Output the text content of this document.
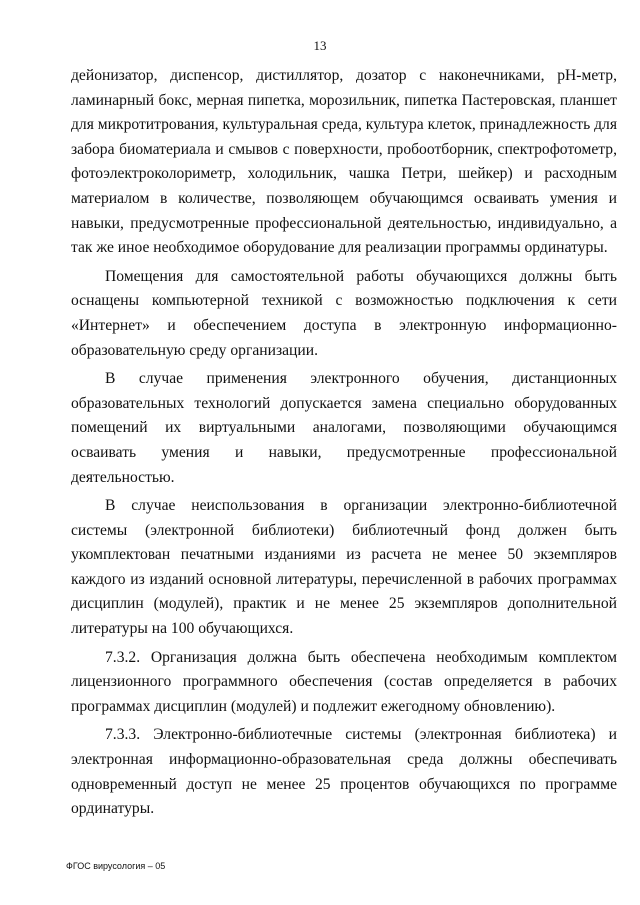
13

дейонизатор, диспенсор, дистиллятор, дозатор с наконечниками, pH-метр, ламинарный бокс, мерная пипетка, морозильник, пипетка Пастеровская, планшет для микротитрования, культуральная среда, культура клеток, принадлежность для забора биоматериала и смывов с поверхности, пробоотборник, спектрофотометр, фотоэлектроколориметр, холодильник, чашка Петри, шейкер) и расходным материалом в количестве, позволяющем обучающимся осваивать умения и навыки, предусмотренные профессиональной деятельностью, индивидуально, а так же иное необходимое оборудование для реализации программы ординатуры.

Помещения для самостоятельной работы обучающихся должны быть оснащены компьютерной техникой с возможностью подключения к сети «Интернет» и обеспечением доступа в электронную информационно-образовательную среду организации.

В случае применения электронного обучения, дистанционных образовательных технологий допускается замена специально оборудованных помещений их виртуальными аналогами, позволяющими обучающимся осваивать умения и навыки, предусмотренные профессиональной деятельностью.

В случае неиспользования в организации электронно-библиотечной системы (электронной библиотеки) библиотечный фонд должен быть укомплектован печатными изданиями из расчета не менее 50 экземпляров каждого из изданий основной литературы, перечисленной в рабочих программах дисциплин (модулей), практик и не менее 25 экземпляров дополнительной литературы на 100 обучающихся.

7.3.2. Организация должна быть обеспечена необходимым комплектом лицензионного программного обеспечения (состав определяется в рабочих программах дисциплин (модулей) и подлежит ежегодному обновлению).

7.3.3. Электронно-библиотечные системы (электронная библиотека) и электронная информационно-образовательная среда должны обеспечивать одновременный доступ не менее 25 процентов обучающихся по программе ординатуры.

ФГОС вирусология – 05
